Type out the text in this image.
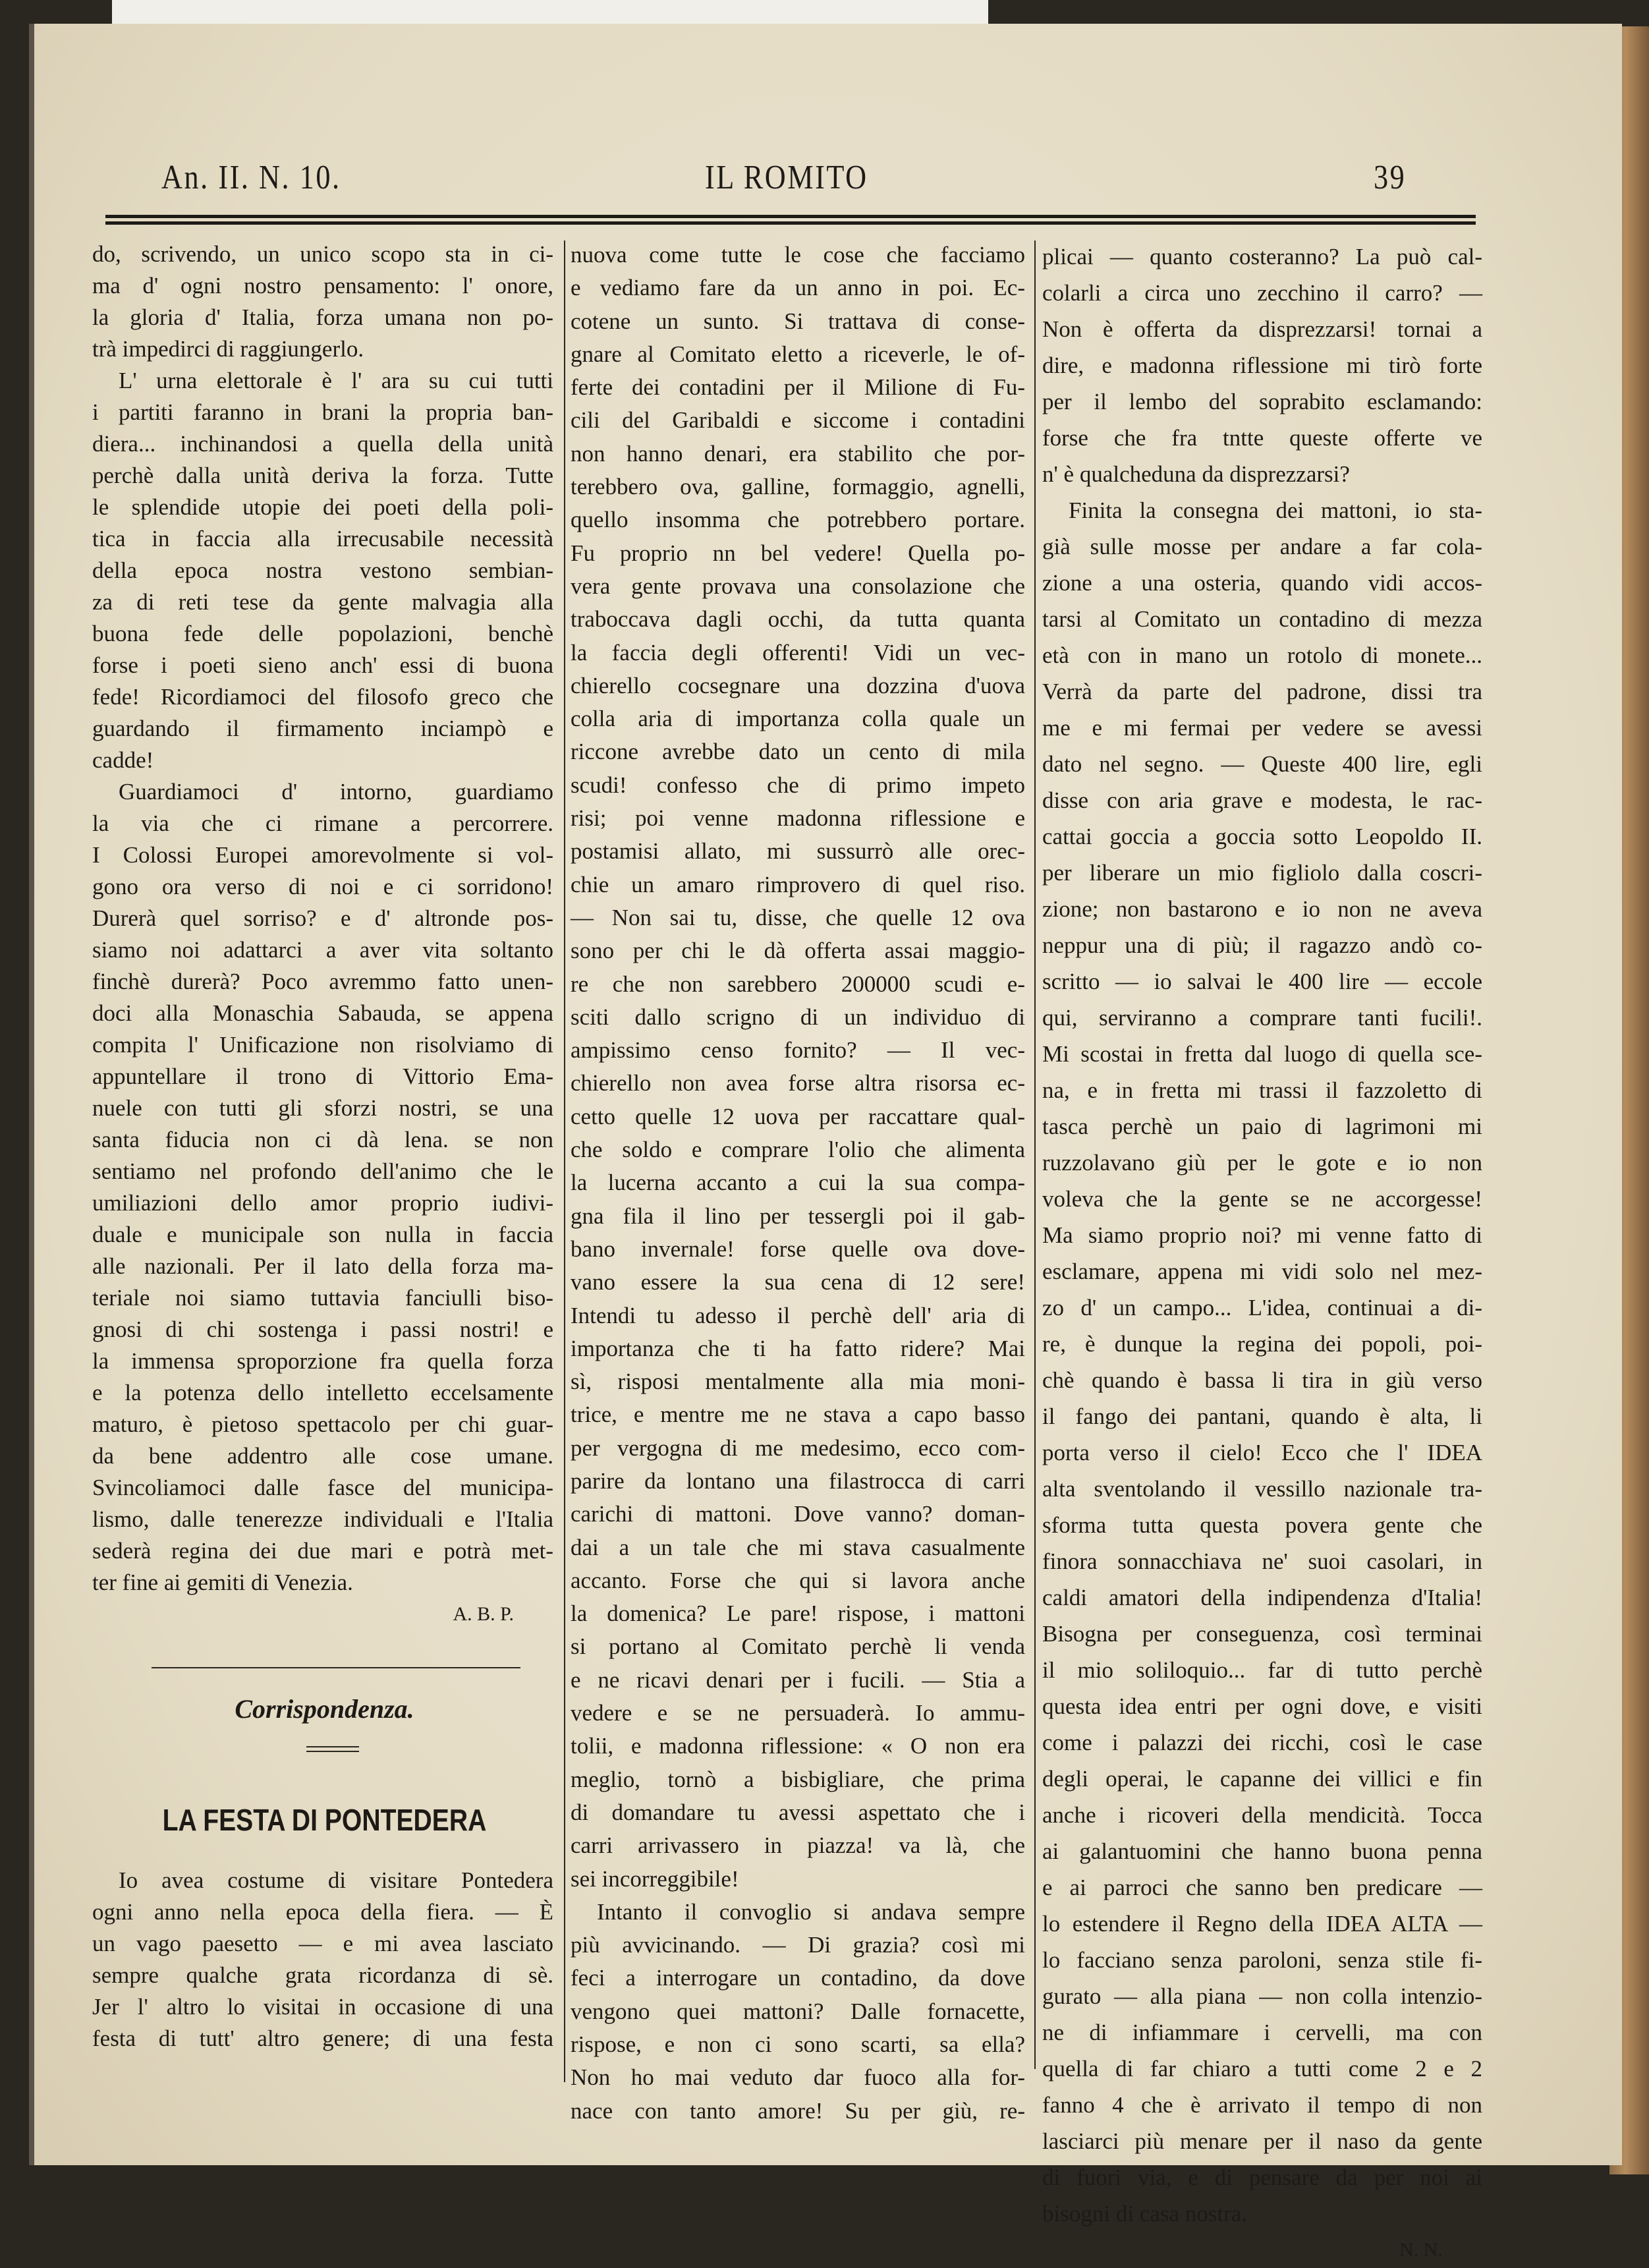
An. II. N. 10.	IL ROMITO	39
do, scrivendo, un unico scopo sta in ci-
ma d' ogni nostro pensamento: l' onore,
la gloria d' Italia, forza umana non po-
trà impedirci di raggiungerlo.
L' urna elettorale è l' ara su cui tutti
i partiti faranno in brani la propria ban-
diera... inchinandosi a quella della unità
perchè dalla unità deriva la forza. Tutte
le splendide utopie dei poeti della poli-
tica in faccia alla irrecusabile necessità
della epoca nostra vestono sembian-
za di reti tese da gente malvagia alla
buona fede delle popolazioni, benchè
forse i poeti sieno anch' essi di buona
fede! Ricordiamoci del filosofo greco che
guardando il firmamento inciampò e
cadde!
Guardiamoci d' intorno, guardiamo
la via che ci rimane a percorrere.
I Colossi Europei amorevolmente si vol-
gono ora verso di noi e ci sorridono!
Durerà quel sorriso? e d' altronde pos-
siamo noi adattarci a aver vita soltanto
finchè durerà? Poco avremmo fatto unen-
doci alla Monaschia Sabauda, se appena
compita l' Unificazione non risolviamo di
appuntellare il trono di Vittorio Ema-
nuele con tutti gli sforzi nostri, se una
santa fiducia non ci dà lena. se non
sentiamo nel profondo dell'animo che le
umiliazioni dello amor proprio iudivi-
duale e municipale son nulla in faccia
alle nazionali. Per il lato della forza ma-
teriale noi siamo tuttavia fanciulli biso-
gnosi di chi sostenga i passi nostri! e
la immensa sproporzione fra quella forza
e la potenza dello intelletto eccelsamente
maturo, è pietoso spettacolo per chi guar-
da bene addentro alle cose umane.
Svincoliamoci dalle fasce del municipa-
lismo, dalle tenerezze individuali e l'Italia
sederà regina dei due mari e potrà met-
ter fine ai gemiti di Venezia.
A. B. P.
Corrispondenza.
LA FESTA DI PONTEDERA
Io avea costume di visitare Pontedera
ogni anno nella epoca della fiera. — È
un vago paesetto — e mi avea lasciato
sempre qualche grata ricordanza di sè.
Jer l' altro lo visitai in occasione di una
festa di tutt' altro genere; di una festa
nuova come tutte le cose che facciamo
e vediamo fare da un anno in poi. Ec-
cotene un sunto. Si trattava di conse-
gnare al Comitato eletto a riceverle, le of-
ferte dei contadini per il Milione di Fu-
cili del Garibaldi e siccome i contadini
non hanno denari, era stabilito che por-
terebbero ova, galline, formaggio, agnelli,
quello insomma che potrebbero portare.
Fu proprio nn bel vedere! Quella po-
vera gente provava una consolazione che
traboccava dagli occhi, da tutta quanta
la faccia degli offerenti! Vidi un vec-
chierello cocsegnare una dozzina d'uova
colla aria di importanza colla quale un
riccone avrebbe dato un cento di mila
scudi! confesso che di primo impeto
risi; poi venne madonna riflessione e
postamisi allato, mi sussurrò alle orec-
chie un amaro rimprovero di quel riso.
— Non sai tu, disse, che quelle 12 ova
sono per chi le dà offerta assai maggio-
re che non sarebbero 200000 scudi e-
sciti dallo scrigno di un individuo di
ampissimo censo fornito? — Il vec-
chierello non avea forse altra risorsa ec-
cetto quelle 12 uova per raccattare qual-
che soldo e comprare l'olio che alimenta
la lucerna accanto a cui la sua compa-
gna fila il lino per tessergli poi il gab-
bano invernale! forse quelle ova dove-
vano essere la sua cena di 12 sere!
Intendi tu adesso il perchè dell' aria di
importanza che ti ha fatto ridere? Mai
sì, risposi mentalmente alla mia moni-
trice, e mentre me ne stava a capo basso
per vergogna di me medesimo, ecco com-
parire da lontano una filastrocca di carri
carichi di mattoni. Dove vanno? doman-
dai a un tale che mi stava casualmente
accanto. Forse che qui si lavora anche
la domenica? Le pare! rispose, i mattoni
si portano al Comitato perchè li venda
e ne ricavi denari per i fucili. — Stia a
vedere e se ne persuaderà. Io ammu-
tolii, e madonna riflessione: « O non era
meglio, tornò a bisbigliare, che prima
di domandare tu avessi aspettato che i
carri arrivassero in piazza! va là, che
sei incorreggibile!
Intanto il convoglio si andava sempre
più avvicinando. — Di grazia? così mi
feci a interrogare un contadino, da dove
vengono quei mattoni? Dalle fornacette,
rispose, e non ci sono scarti, sa ella?
Non ho mai veduto dar fuoco alla for-
nace con tanto amore! Su per giù, re-
plicai — quanto costeranno? La può cal-
colarli a circa uno zecchino il carro? —
Non è offerta da disprezzarsi! tornai a
dire, e madonna riflessione mi tirò forte
per il lembo del soprabito esclamando:
forse che fra tntte queste offerte ve
n' è qualcheduna da disprezzarsi?
Finita la consegna dei mattoni, io sta-
già sulle mosse per andare a far cola-
zione a una osteria, quando vidi accos-
tarsi al Comitato un contadino di mezza
età con in mano un rotolo di monete...
Verrà da parte del padrone, dissi tra
me e mi fermai per vedere se avessi
dato nel segno. — Queste 400 lire, egli
disse con aria grave e modesta, le rac-
cattai goccia a goccia sotto Leopoldo II.
per liberare un mio figliolo dalla coscri-
zione; non bastarono e io non ne aveva
neppur una di più; il ragazzo andò co-
scritto — io salvai le 400 lire — eccole
qui, serviranno a comprare tanti fucili!.
Mi scostai in fretta dal luogo di quella sce-
na, e in fretta mi trassi il fazzoletto di
tasca perchè un paio di lagrimoni mi
ruzzolavano giù per le gote e io non
voleva che la gente se ne accorgesse!
Ma siamo proprio noi? mi venne fatto di
esclamare, appena mi vidi solo nel mez-
zo d' un campo... L'idea, continuai a di-
re, è dunque la regina dei popoli, poi-
chè quando è bassa li tira in giù verso
il fango dei pantani, quando è alta, li
porta verso il cielo! Ecco che l' IDEA
alta sventolando il vessillo nazionale tra-
sforma tutta questa povera gente che
finora sonnacchiava ne' suoi casolari, in
caldi amatori della indipendenza d'Italia!
Bisogna per conseguenza, così terminai
il mio soliloquio... far di tutto perchè
questa idea entri per ogni dove, e visiti
come i palazzi dei ricchi, così le case
degli operai, le capanne dei villici e fin
anche i ricoveri della mendicità. Tocca
ai galantuomini che hanno buona penna
e ai parroci che sanno ben predicare —
lo estendere il Regno della IDEA ALTA —
lo facciano senza paroloni, senza stile fi-
gurato — alla piana — non colla intenzio-
ne di infiammare i cervelli, ma con
quella di far chiaro a tutti come 2 e 2
fanno 4 che è arrivato il tempo di non
lasciarci più menare per il naso da gente
di fuori via, e di pensare da per noi ai
bisogni di casa nostra.
N. N.
